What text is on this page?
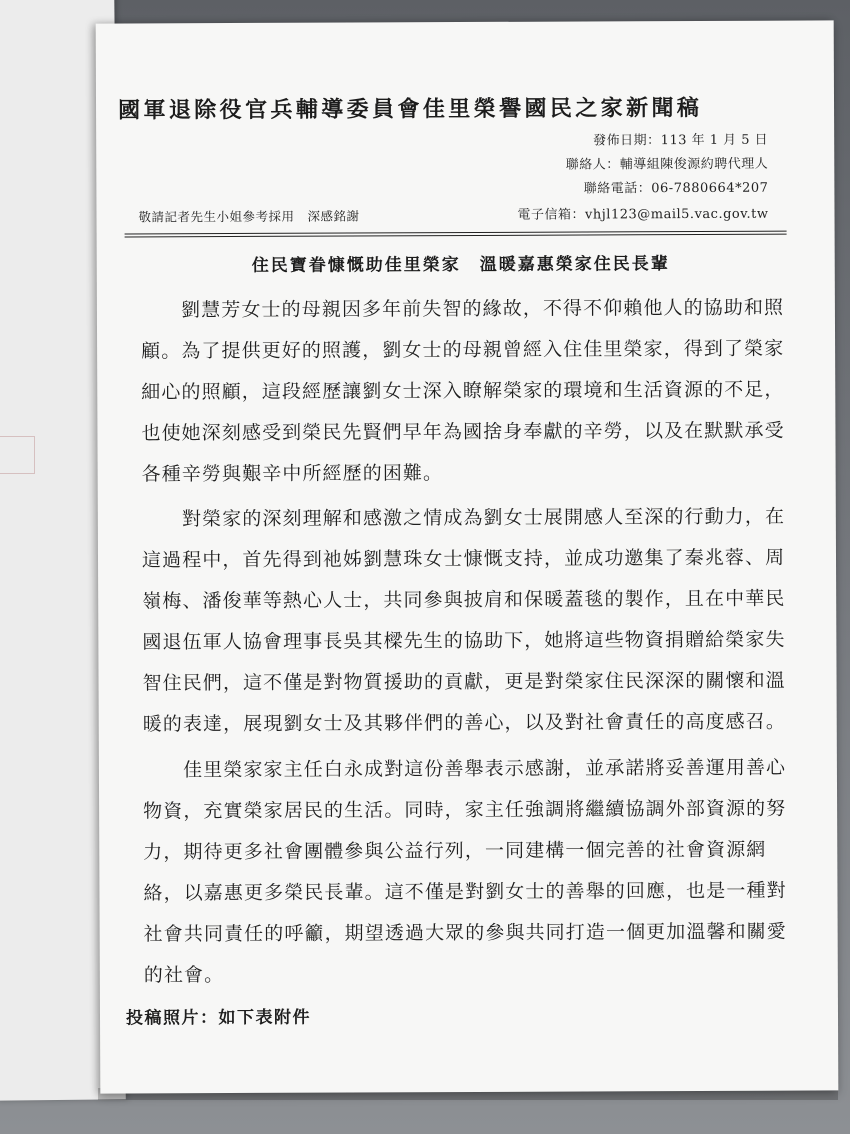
國軍退除役官兵輔導委員會佳里榮譽國民之家新聞稿
發佈日期：113 年 1 月 5 日
聯絡人：輔導組陳俊源約聘代理人
聯絡電話：06-7880664*207
電子信箱：vhjl123@mail5.vac.gov.tw
敬請記者先生小姐參考採用　深感銘謝
住民寶眷慷慨助佳里榮家　溫暖嘉惠榮家住民長輩
　　劉慧芳女士的母親因多年前失智的緣故，不得不仰賴他人的協助和照
顧。為了提供更好的照護，劉女士的母親曾經入住佳里榮家，得到了榮家
細心的照顧，這段經歷讓劉女士深入瞭解榮家的環境和生活資源的不足，
也使她深刻感受到榮民先賢們早年為國捨身奉獻的辛勞，以及在默默承受
各種辛勞與艱辛中所經歷的困難。
　　對榮家的深刻理解和感激之情成為劉女士展開感人至深的行動力，在
這過程中，首先得到祂姊劉慧珠女士慷慨支持，並成功邀集了秦兆蓉、周
嶺梅、潘俊華等熱心人士，共同參與披肩和保暖蓋毯的製作，且在中華民
國退伍軍人協會理事長吳其樑先生的協助下，她將這些物資捐贈給榮家失
智住民們，這不僅是對物質援助的貢獻，更是對榮家住民深深的關懷和溫
暖的表達，展現劉女士及其夥伴們的善心，以及對社會責任的高度感召。
　　佳里榮家家主任白永成對這份善舉表示感謝，並承諾將妥善運用善心
物資，充實榮家居民的生活。同時，家主任強調將繼續協調外部資源的努
力，期待更多社會團體參與公益行列，一同建構一個完善的社會資源網
絡，以嘉惠更多榮民長輩。這不僅是對劉女士的善舉的回應，也是一種對
社會共同責任的呼籲，期望透過大眾的參與共同打造一個更加溫馨和關愛
的社會。
投稿照片：如下表附件
